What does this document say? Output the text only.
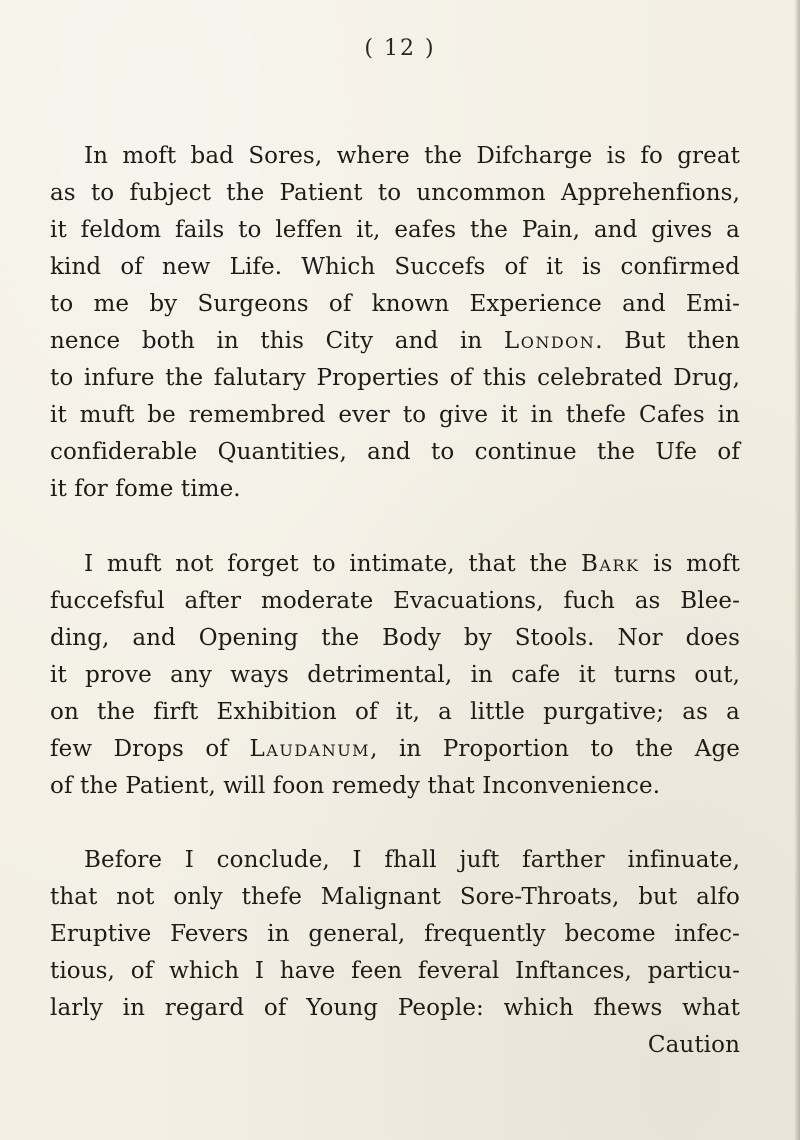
( 12 )
In moft bad Sores, where the Difcharge is fo great
as to fubject the Patient to uncommon Apprehenfions,
it feldom fails to leffen it, eafes the Pain, and gives a
kind of new Life. Which Succefs of it is confirmed
to me by Surgeons of known Experience and Emi-
nence both in this City and in London. But then
to infure the falutary Properties of this celebrated Drug,
it muft be remembred ever to give it in thefe Cafes in
confiderable Quantities, and to continue the Ufe of
it for fome time.
I muft not forget to intimate, that the Bark is moft
fuccefsful after moderate Evacuations, fuch as Blee-
ding, and Opening the Body by Stools. Nor does
it prove any ways detrimental, in cafe it turns out,
on the firft Exhibition of it, a little purgative; as a
few Drops of Laudanum, in Proportion to the Age
of the Patient, will foon remedy that Inconvenience.
Before I conclude, I fhall juft farther infinuate,
that not only thefe Malignant Sore-Throats, but alfo
Eruptive Fevers in general, frequently become infec-
tious, of which I have feen feveral Inftances, particu-
larly in regard of Young People: which fhews what
Caution
